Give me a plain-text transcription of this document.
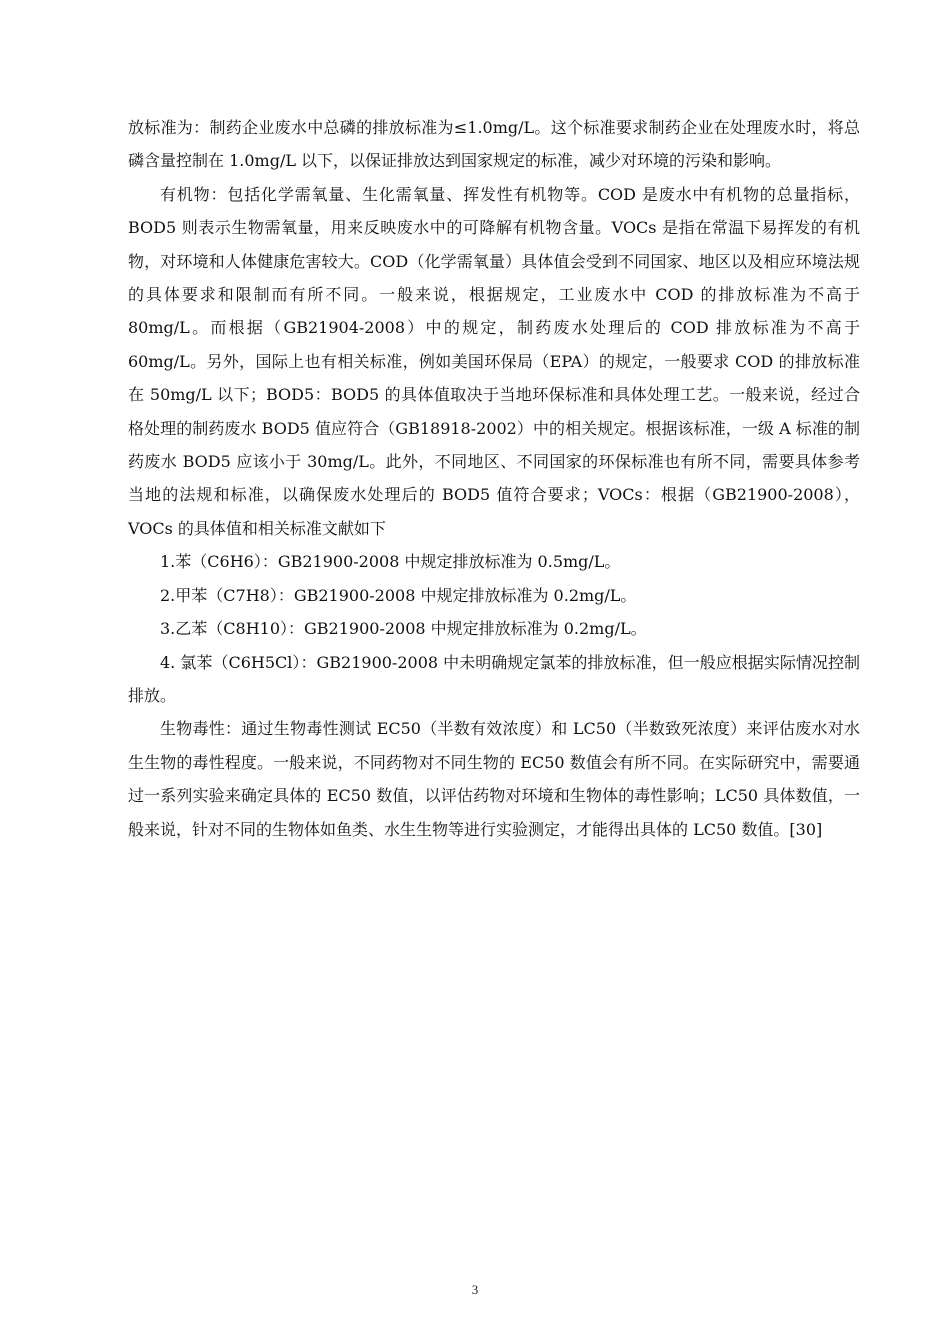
放标准为：制药企业废水中总磷的排放标准为≤1.0mg/L。这个标准要求制药企业在处理废水时，将总磷含量控制在 1.0mg/L 以下，以保证排放达到国家规定的标准，减少对环境的污染和影响。

有机物：包括化学需氧量、生化需氧量、挥发性有机物等。COD 是废水中有机物的总量指标，BOD5 则表示生物需氧量，用来反映废水中的可降解有机物含量。VOCs 是指在常温下易挥发的有机物，对环境和人体健康危害较大。COD（化学需氧量）具体值会受到不同国家、地区以及相应环境法规的具体要求和限制而有所不同。一般来说，根据规定，工业废水中 COD 的排放标准为不高于 80mg/L。而根据（GB21904-2008）中的规定，制药废水处理后的 COD 排放标准为不高于 60mg/L。另外，国际上也有相关标准，例如美国环保局（EPA）的规定，一般要求 COD 的排放标准在 50mg/L 以下；BOD5：BOD5 的具体值取决于当地环保标准和具体处理工艺。一般来说，经过合格处理的制药废水 BOD5 值应符合（GB18918-2002）中的相关规定。根据该标准，一级 A 标准的制药废水 BOD5 应该小于 30mg/L。此外，不同地区、不同国家的环保标准也有所不同，需要具体参考当地的法规和标准，以确保废水处理后的 BOD5 值符合要求；VOCs：根据（GB21900-2008），VOCs 的具体值和相关标准文献如下

1.苯（C6H6）：GB21900-2008 中规定排放标准为 0.5mg/L。

2.甲苯（C7H8）：GB21900-2008 中规定排放标准为 0.2mg/L。

3.乙苯（C8H10）：GB21900-2008 中规定排放标准为 0.2mg/L。

4. 氯苯（C6H5Cl）：GB21900-2008 中未明确规定氯苯的排放标准，但一般应根据实际情况控制排放。

生物毒性：通过生物毒性测试 EC50（半数有效浓度）和 LC50（半数致死浓度）来评估废水对水生生物的毒性程度。一般来说，不同药物对不同生物的 EC50 数值会有所不同。在实际研究中，需要通过一系列实验来确定具体的 EC50 数值，以评估药物对环境和生物体的毒性影响；LC50 具体数值，一般来说，针对不同的生物体如鱼类、水生生物等进行实验测定，才能得出具体的 LC50 数值。[30]

3
